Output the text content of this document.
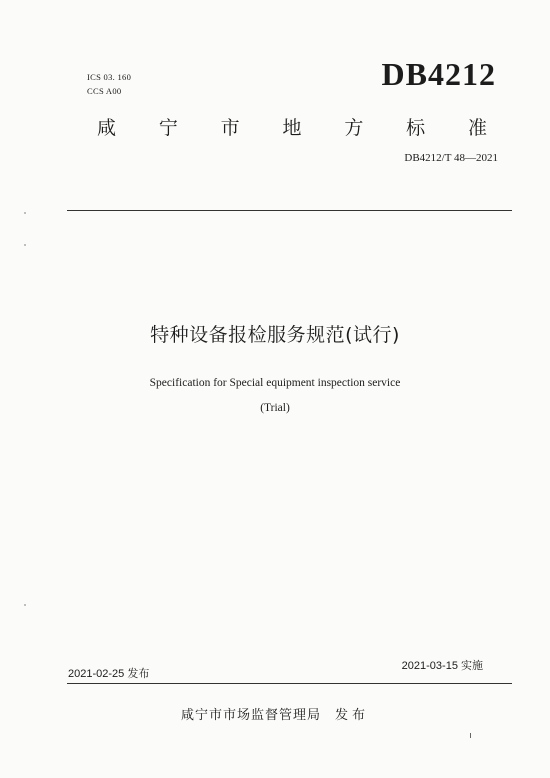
ICS 03. 160
CCS A00	DB4212
咸 宁 市 地 方 标 准
DB4212/T 48—2021
特种设备报检服务规范(试行)
Specification for Special equipment inspection service
(Trial)
2021-02-25 发布
2021-03-15 实施
咸宁市市场监督管理局 发布
